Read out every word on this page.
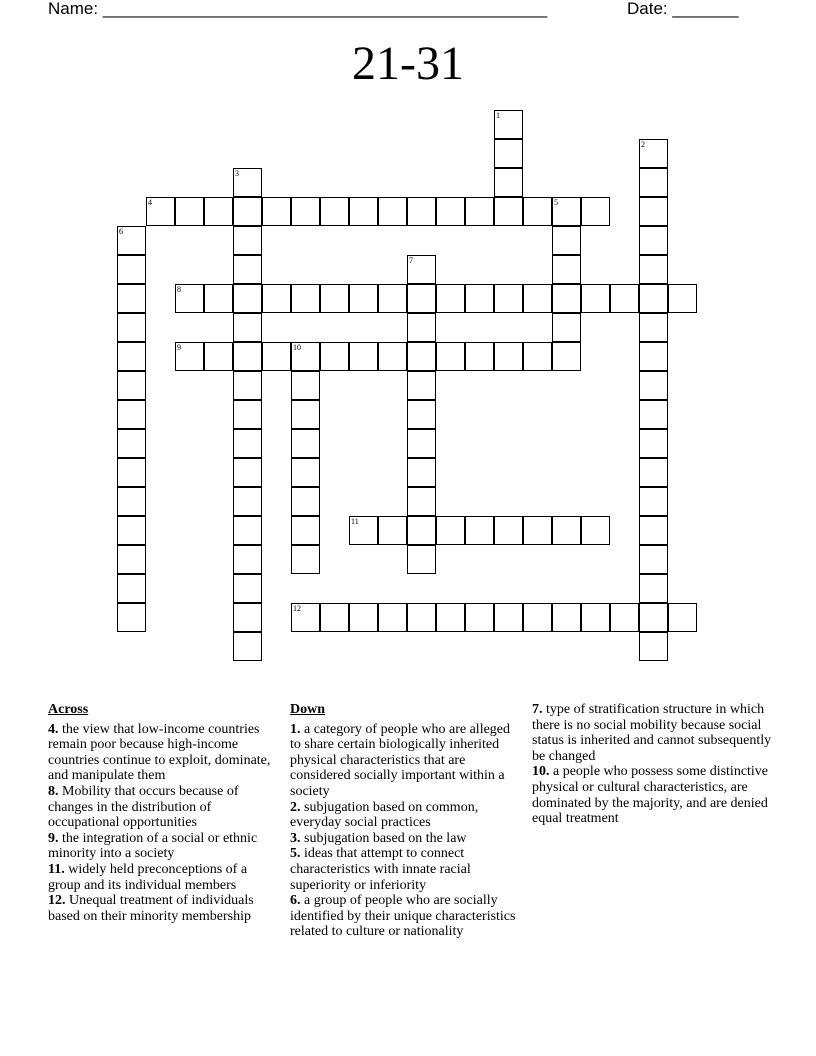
Name: _______________________________________________	Date: _______
21-31
1
2
3
4	5
6
7
8
9	10
11
12
Across
4. the view that low-income countries remain poor because high-income countries continue to exploit, dominate, and manipulate them
8. Mobility that occurs because of changes in the distribution of occupational opportunities
9. the integration of a social or ethnic minority into a society
11. widely held preconceptions of a group and its individual members
12. Unequal treatment of individuals based on their minority membership
Down
1. a category of people who are alleged to share certain biologically inherited physical characteristics that are considered socially important within a society
2. subjugation based on common, everyday social practices
3. subjugation based on the law
5. ideas that attempt to connect characteristics with innate racial superiority or inferiority
6. a group of people who are socially identified by their unique characteristics related to culture or nationality
7. type of stratification structure in which there is no social mobility because social status is inherited and cannot subsequently be changed
10. a people who possess some distinctive physical or cultural characteristics, are dominated by the majority, and are denied equal treatment
